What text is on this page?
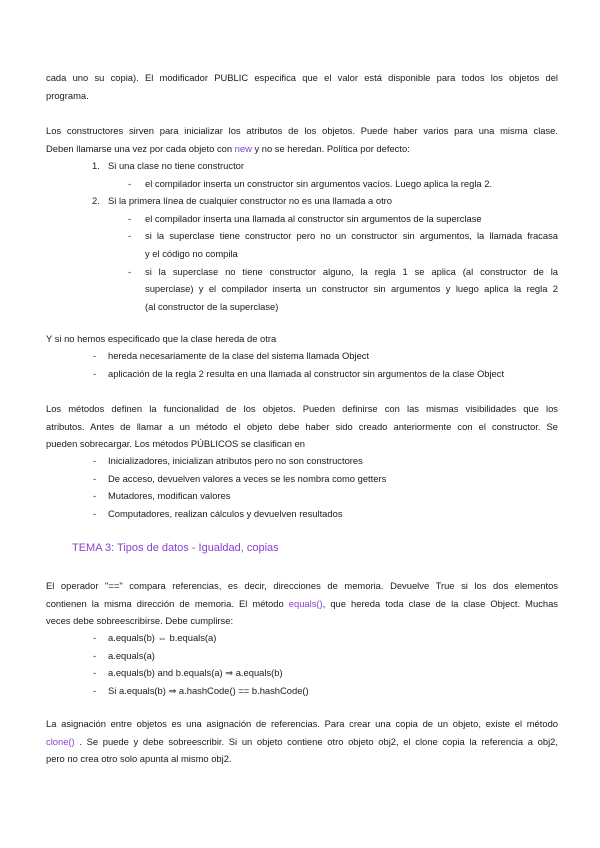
cada uno su copia). El modificador PUBLIC especifica que el valor está disponible para todos los objetos del
programa.
Los constructores sirven para inicializar los atributos de los objetos. Puede haber varios para una misma clase.
Deben llamarse una vez por cada objeto con new y no se heredan. Política por defecto:
1. Si una clase no tiene constructor
- el compilador inserta un constructor sin argumentos vacíos. Luego aplica la regla 2.
2. Si la primera línea de cualquier constructor no es una llamada a otro
- el compilador inserta una llamada al constructor sin argumentos de la superclase
- si la superclase tiene constructor pero no un constructor sin argumentos, la llamada fracasa
y el código no compila
- si la superclase no tiene constructor alguno, la regla 1 se aplica (al constructor de la
superclase) y el compilador inserta un constructor sin argumentos y luego aplica la regla 2
(al constructor de la superclase)
Y si no hemos especificado que la clase hereda de otra
- hereda necesariamente de la clase del sistema llamada Object
- aplicación de la regla 2 resulta en una llamada al constructor sin argumentos de la clase Object
Los métodos definen la funcionalidad de los objetos. Pueden definirse con las mismas visibilidades que los
atributos. Antes de llamar a un método el objeto debe haber sido creado anteriormente con el constructor. Se
pueden sobrecargar. Los métodos PÚBLICOS se clasifican en
- Inicializadores, inicializan atributos pero no son constructores
- De acceso, devuelven valores a veces se les nombra como getters
- Mutadores, modifican valores
- Computadores, realizan cálculos y devuelven resultados
TEMA 3: Tipos de datos - Igualdad, copias
El operador "==" compara referencias, es decir, direcciones de memoria. Devuelve True si los dos elementos
contienen la misma dirección de memoria. El método equals(), que hereda toda clase de la clase Object. Muchas
veces debe sobreescribirse. Debe cumplirse:
- a.equals(b) ⇔ b.equals(a)
- a.equals(a)
- a.equals(b) and b.equals(a) ⇒ a.equals(b)
- Si a.equals(b) ⇒ a.hashCode() == b.hashCode()
La asignación entre objetos es una asignación de referencias. Para crear una copia de un objeto, existe el método
clone() . Se puede y debe sobreescribir. Si un objeto contiene otro objeto obj2, el clone copia la referencia a obj2,
pero no crea otro solo apunta al mismo obj2.
